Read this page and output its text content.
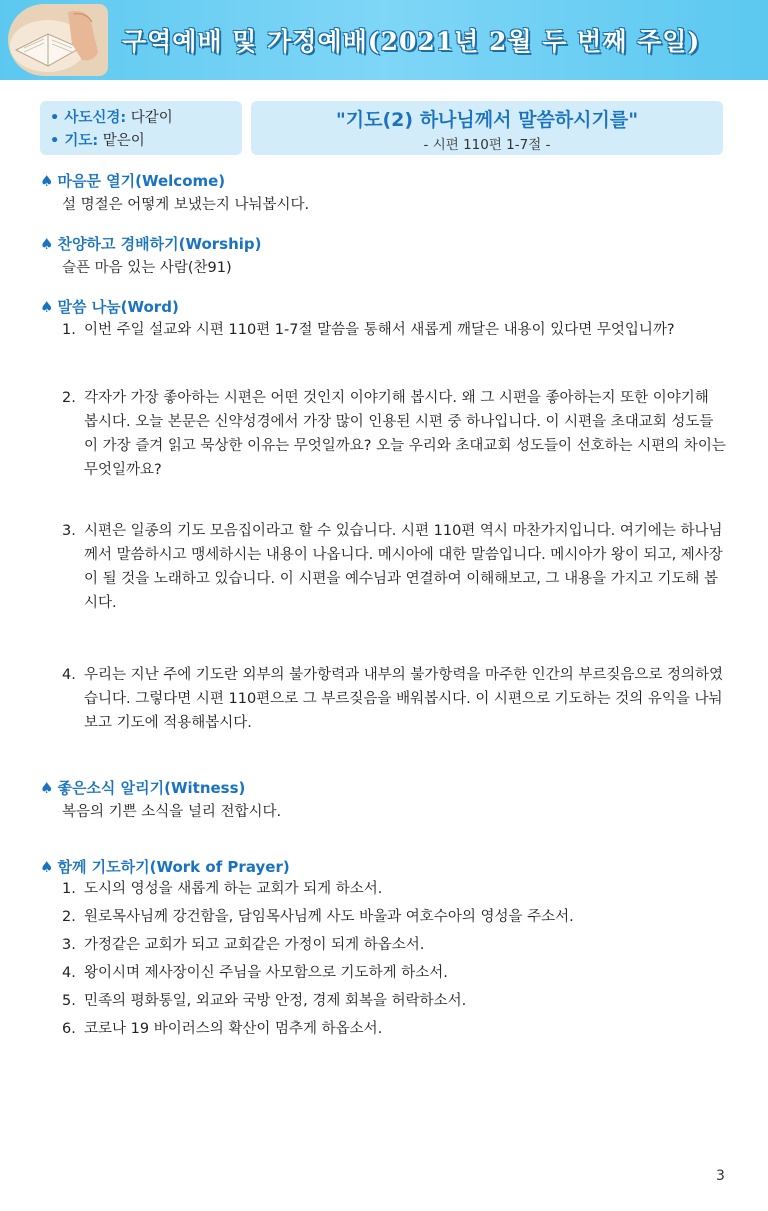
구역예배 및 가정예배(2021년 2월 두 번째 주일)
• 사도신경: 다같이
• 기도: 맡은이
"기도(2) 하나님께서 말씀하시기를"
- 시편 110편 1-7절 -
♠ 마음문 열기(Welcome)
설 명절은 어떻게 보냈는지 나눠봅시다.
♠ 찬양하고 경배하기(Worship)
슬픈 마음 있는 사람(찬91)
♠ 말씀 나눔(Word)
1. 이번 주일 설교와 시편 110편 1-7절 말씀을 통해서 새롭게 깨달은 내용이 있다면 무엇입니까?
2. 각자가 가장 좋아하는 시편은 어떤 것인지 이야기해 봅시다. 왜 그 시편을 좋아하는지 또한 이야기해 봅시다. 오늘 본문은 신약성경에서 가장 많이 인용된 시편 중 하나입니다. 이 시편을 초대교회 성도들이 가장 즐겨 읽고 묵상한 이유는 무엇일까요? 오늘 우리와 초대교회 성도들이 선호하는 시편의 차이는 무엇일까요?
3. 시편은 일종의 기도 모음집이라고 할 수 있습니다. 시편 110편 역시 마찬가지입니다. 여기에는 하나님께서 말씀하시고 맹세하시는 내용이 나옵니다. 메시아에 대한 말씀입니다. 메시아가 왕이 되고, 제사장이 될 것을 노래하고 있습니다. 이 시편을 예수님과 연결하여 이해해보고, 그 내용을 가지고 기도해 봅시다.
4. 우리는 지난 주에 기도란 외부의 불가항력과 내부의 불가항력을 마주한 인간의 부르짖음으로 정의하였습니다. 그렇다면 시편 110편으로 그 부르짖음을 배워봅시다. 이 시편으로 기도하는 것의 유익을 나눠보고 기도에 적용해봅시다.
♠ 좋은소식 알리기(Witness)
복음의 기쁜 소식을 널리 전합시다.
♠ 함께 기도하기(Work of Prayer)
1. 도시의 영성을 새롭게 하는 교회가 되게 하소서.
2. 원로목사님께 강건함을, 담임목사님께 사도 바울과 여호수아의 영성을 주소서.
3. 가정같은 교회가 되고 교회같은 가정이 되게 하옵소서.
4. 왕이시며 제사장이신 주님을 사모함으로 기도하게 하소서.
5. 민족의 평화통일, 외교와 국방 안정, 경제 회복을 허락하소서.
6. 코로나 19 바이러스의 확산이 멈추게 하옵소서.
3
